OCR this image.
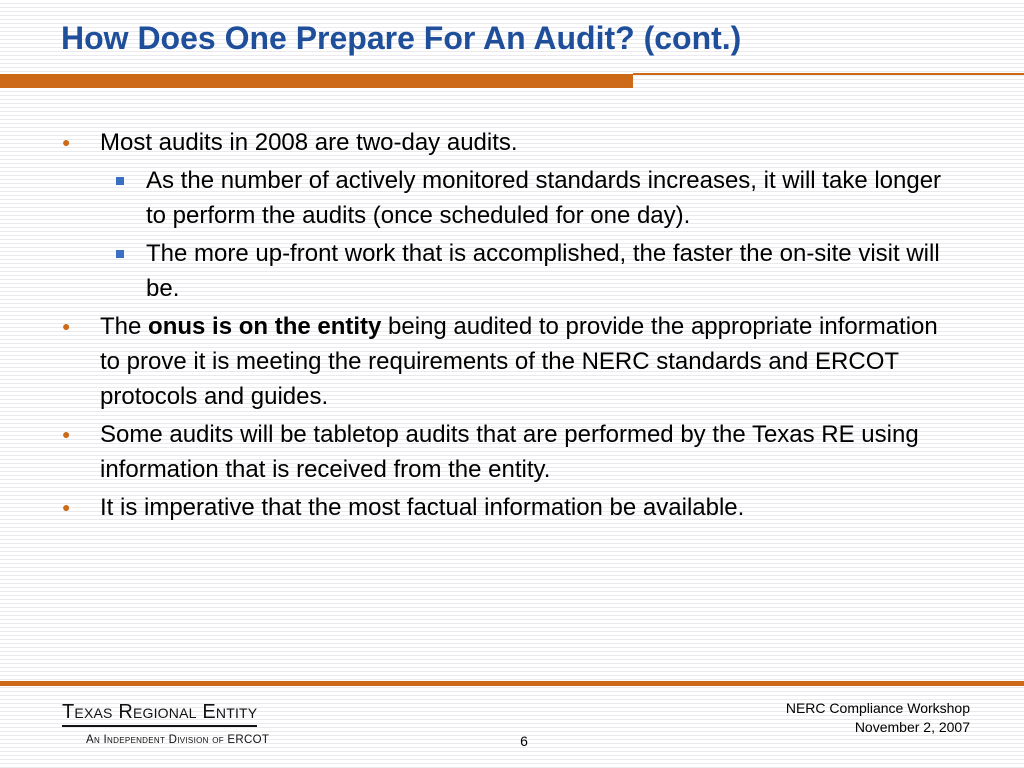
How Does One Prepare For An Audit? (cont.)
● Most audits in 2008 are two-day audits.
As the number of actively monitored standards increases, it will take longer to perform the audits (once scheduled for one day).
The more up-front work that is accomplished, the faster the on-site visit will be.
● The onus is on the entity being audited to provide the appropriate information to prove it is meeting the requirements of the NERC standards and ERCOT protocols and guides.
● Some audits will be tabletop audits that are performed by the Texas RE using information that is received from the entity.
● It is imperative that the most factual information be available.
Texas Regional Entity
An Independent Division of ERCOT
NERC Compliance Workshop
November 2, 2007
6
